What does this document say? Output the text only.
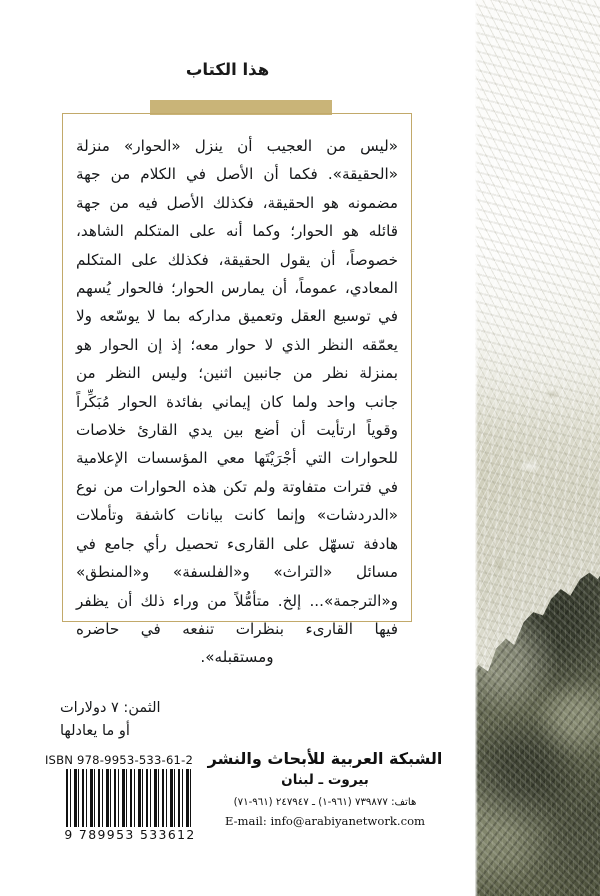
هذا الكتاب
«ليس من العجيب أن ينزل «الحوار» منزلة «الحقيقة». فكما أن الأصل في الكلام من جهة مضمونه هو الحقيقة، فكذلك الأصل فيه من جهة قائله هو الحوار؛ وكما أنه على المتكلم الشاهد، خصوصاً، أن يقول الحقيقة، فكذلك على المتكلم المعادي، عموماً، أن يمارس الحوار؛ فالحوار يُسهم في توسيع العقل وتعميق مداركه بما لا يوسّعه ولا يعمّقه النظر الذي لا حوار معه؛ إذ إن الحوار هو بمنزلة نظر من جانبين اثنين؛ وليس النظر من جانب واحد ولما كان إيماني بفائدة الحوار مُبَكِّراً وقوياً ارتأيت أن أضع بين يدي القارئ خلاصات للحوارات التي أجْرَيْتَها معي المؤسسات الإعلامية في فترات متفاوتة ولم تكن هذه الحوارات من نوع «الدردشات» وإنما كانت بيانات كاشفة وتأملات هادفة تسهّل على القارىء تحصيل رأي جامع في مسائل «التراث» و«الفلسفة» و«المنطق» و«الترجمة»... إلخ. متأمُّلاً من وراء ذلك أن يظفر فيها القارىء بنظرات تنفعه في حاضره ومستقبله».
الثمن: ٧ دولارات
أو ما يعادلها
ISBN 978-9953-533-61-2
9 789953 533612
الشبكة العربية للأبحاث والنشر
بيروت ـ لبنان
هاتف: ٧٣٩٨٧٧ (٩٦١-١) ـ ٢٤٧٩٤٧ (٩٦١-٧١)
E-mail: info@arabiyanetwork.com
